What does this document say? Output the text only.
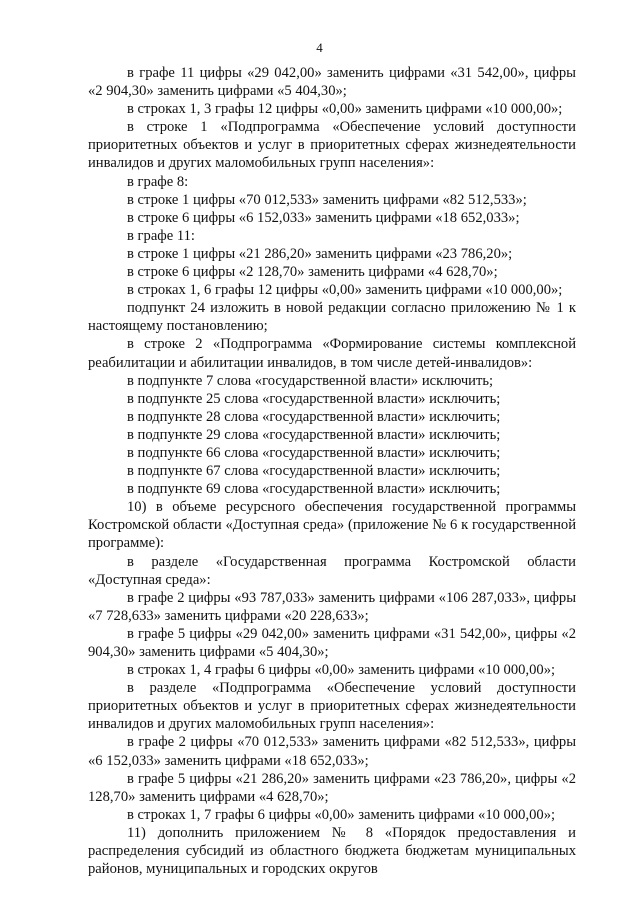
4

в графе 11 цифры «29 042,00» заменить цифрами «31 542,00», цифры «2 904,30» заменить цифрами «5 404,30»;

в строках 1, 3 графы 12 цифры «0,00» заменить цифрами «10 000,00»;

в строке 1 «Подпрограмма «Обеспечение условий доступности приоритетных объектов и услуг в приоритетных сферах жизнедеятельности инвалидов и других маломобильных групп населения»:

в графе 8:

в строке 1 цифры «70 012,533» заменить цифрами «82 512,533»;

в строке 6 цифры «6 152,033» заменить цифрами «18 652,033»;

в графе 11:

в строке 1 цифры «21 286,20» заменить цифрами «23 786,20»;

в строке 6 цифры «2 128,70» заменить цифрами «4 628,70»;

в строках 1, 6 графы 12 цифры «0,00» заменить цифрами «10 000,00»;

подпункт 24 изложить в новой редакции согласно приложению № 1 к настоящему постановлению;

в строке 2 «Подпрограмма «Формирование системы комплексной реабилитации и абилитации инвалидов, в том числе детей-инвалидов»:

в подпункте 7 слова «государственной власти» исключить;

в подпункте 25 слова «государственной власти» исключить;

в подпункте 28 слова «государственной власти» исключить;

в подпункте 29 слова «государственной власти» исключить;

в подпункте 66 слова «государственной власти» исключить;

в подпункте 67 слова «государственной власти» исключить;

в подпункте 69 слова «государственной власти» исключить;

10) в объеме ресурсного обеспечения государственной программы Костромской области «Доступная среда» (приложение № 6 к государственной программе):

в разделе «Государственная программа Костромской области «Доступная среда»:

в графе 2 цифры «93 787,033» заменить цифрами «106 287,033», цифры «7 728,633» заменить цифрами «20 228,633»;

в графе 5 цифры «29 042,00» заменить цифрами «31 542,00», цифры «2 904,30» заменить цифрами «5 404,30»;

в строках 1, 4 графы 6 цифры «0,00» заменить цифрами «10 000,00»;

в разделе «Подпрограмма «Обеспечение условий доступности приоритетных объектов и услуг в приоритетных сферах жизнедеятельности инвалидов и других маломобильных групп населения»:

в графе 2 цифры «70 012,533» заменить цифрами «82 512,533», цифры «6 152,033» заменить цифрами «18 652,033»;

в графе 5 цифры «21 286,20» заменить цифрами «23 786,20», цифры «2 128,70» заменить цифрами «4 628,70»;

в строках 1, 7 графы 6 цифры «0,00» заменить цифрами «10 000,00»;

11) дополнить приложением № 8 «Порядок предоставления и распределения субсидий из областного бюджета бюджетам муниципальных районов, муниципальных и городских округов
